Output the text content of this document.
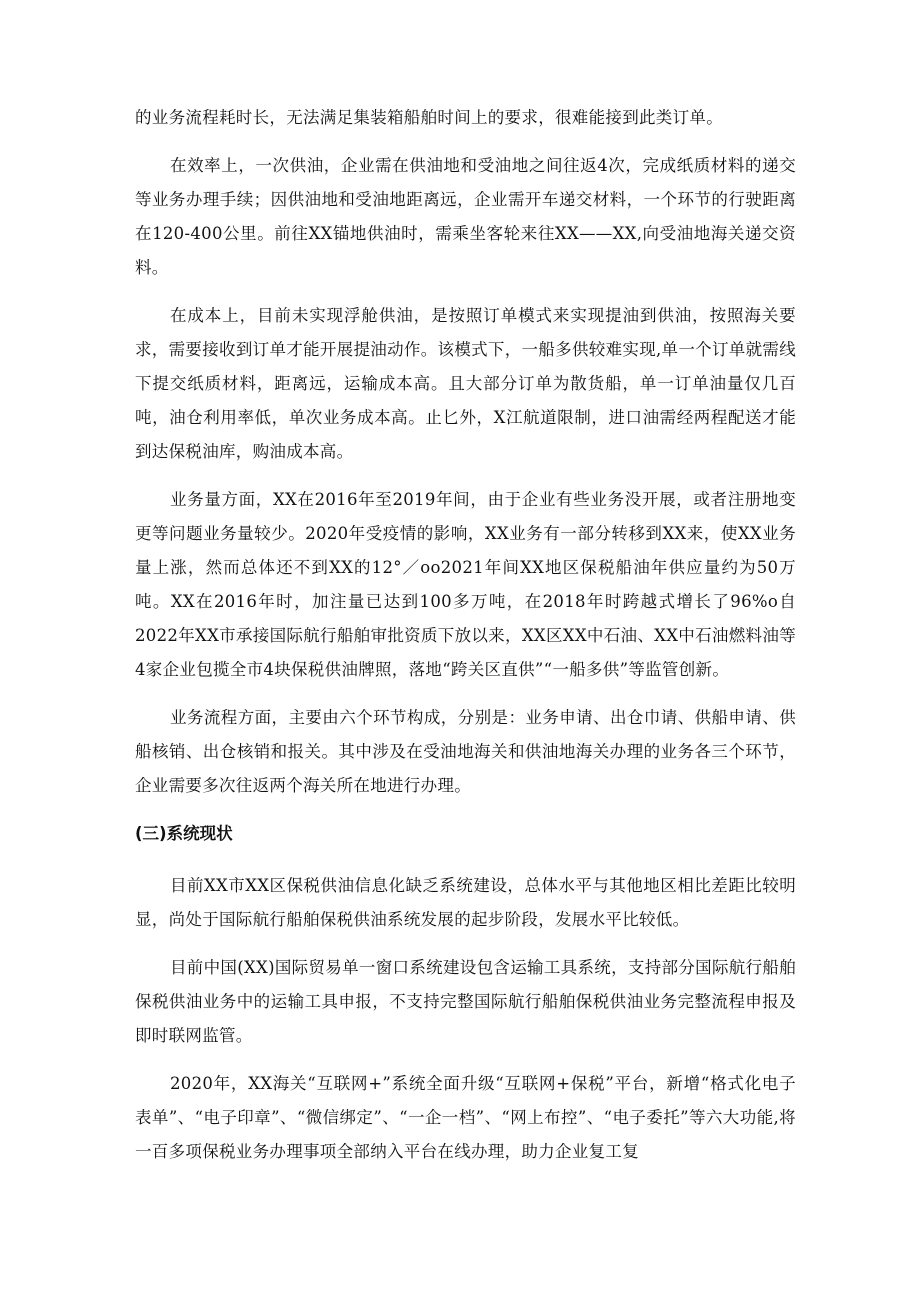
的业务流程耗时长，无法满足集装箱船舶时间上的要求，很难能接到此类订单。

在效率上，一次供油，企业需在供油地和受油地之间往返4次，完成纸质材料的递交等业务办理手续；因供油地和受油地距离远，企业需开车递交材料，一个环节的行驶距离在120-400公里。前往XX锚地供油时，需乘坐客轮来往XX——XX,向受油地海关递交资料。

在成本上，目前未实现浮舱供油，是按照订单模式来实现提油到供油，按照海关要求，需要接收到订单才能开展提油动作。该模式下，一船多供较难实现,单一个订单就需线下提交纸质材料，距离远，运输成本高。且大部分订单为散货船，单一订单油量仅几百吨，油仓利用率低，单次业务成本高。止匕外，X江航道限制，进口油需经两程配送才能到达保税油库，购油成本高。

业务量方面，XX在2016年至2019年间，由于企业有些业务没开展，或者注册地变更等问题业务量较少。2020年受疫情的影响，XX业务有一部分转移到XX来，使XX业务量上涨，然而总体还不到XX的12°／oo2021年间XX地区保税船油年供应量约为50万吨。XX在2016年时，加注量已达到100多万吨，在2018年时跨越式增长了96%o自2022年XX市承接国际航行船舶审批资质下放以来，XX区XX中石油、XX中石油燃料油等4家企业包揽全市4块保税供油牌照，落地“跨关区直供”“一船多供”等监管创新。

业务流程方面，主要由六个环节构成，分别是：业务申请、出仓巾请、供船申请、供船核销、出仓核销和报关。其中涉及在受油地海关和供油地海关办理的业务各三个环节，企业需要多次往返两个海关所在地进行办理。

(三)系统现状

目前XX市XX区保税供油信息化缺乏系统建设，总体水平与其他地区相比差距比较明显，尚处于国际航行船舶保税供油系统发展的起步阶段，发展水平比较低。

目前中国(XX)国际贸易单一窗口系统建设包含运输工具系统，支持部分国际航行船舶保税供油业务中的运输工具申报，不支持完整国际航行船舶保税供油业务完整流程申报及即时联网监管。

2020年，XX海关“互联网+”系统全面升级“互联网+保税”平台，新增“格式化电子表单”、“电子印章”、“微信绑定”、“一企一档”、“网上布控”、“电子委托”等六大功能,将一百多项保税业务办理事项全部纳入平台在线办理，助力企业复工复
